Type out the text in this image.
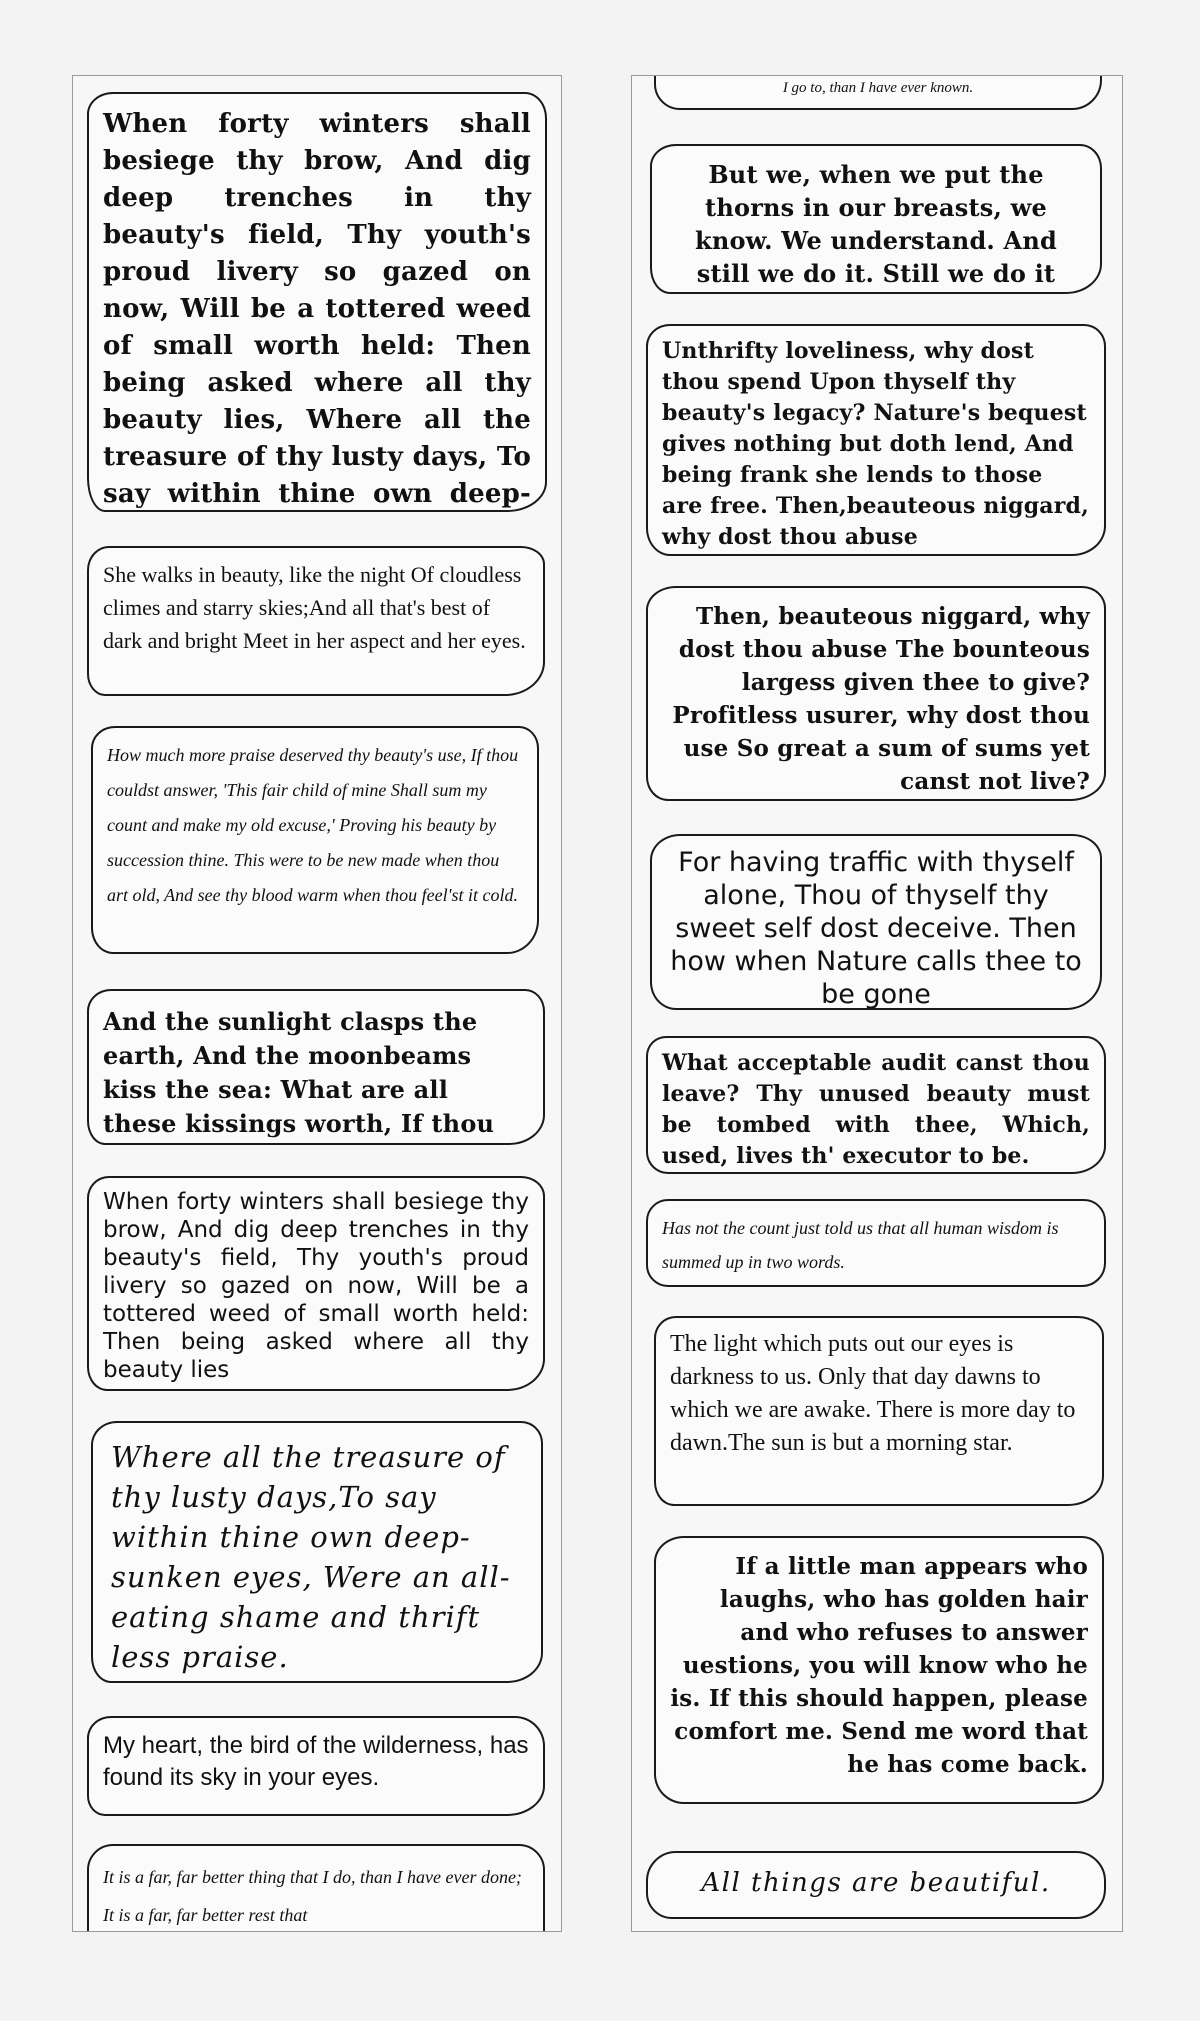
When forty winters shall besiege thy brow, And dig deep trenches in thy beauty's field, Thy youth's proud livery so gazed on now, Will be a tottered weed of small worth held: Then being asked where all thy beauty lies, Where all the treasure of thy lusty days, To say within thine own deep-

She walks in beauty, like the night Of cloudless climes and starry skies;And all that's best of dark and bright Meet in her aspect and her eyes.

How much more praise deserved thy beauty's use, If thou couldst answer, 'This fair child of mine Shall sum my count and make my old excuse,' Proving his beauty by succession thine. This were to be new made when thou art old, And see thy blood warm when thou feel'st it cold.

And the sunlight clasps the earth, And the moonbeams kiss the sea: What are all these kissings worth, If thou

When forty winters shall besiege thy brow, And dig deep trenches in thy beauty's field, Thy youth's proud livery so gazed on now, Will be a tottered weed of small worth held: Then being asked where all thy beauty lies

Where all the treasure of thy lusty days,To say within thine own deep-sunken eyes, Were an all-eating shame and thrift less praise.

My heart, the bird of the wilderness, has found its sky in your eyes.

It is a far, far better thing that I do, than I have ever done; It is a far, far better rest that

I go to, than I have ever known.

But we, when we put the thorns in our breasts, we know. We understand. And still we do it. Still we do it

Unthrifty loveliness, why dost thou spend Upon thyself thy beauty's legacy? Nature's bequest gives nothing but doth lend, And being frank she lends to those are free. Then,beauteous niggard, why dost thou abuse

Then, beauteous niggard, why dost thou abuse The bounteous largess given thee to give? Profitless usurer, why dost thou use So great a sum of sums yet canst not live?

For having traffic with thyself alone, Thou of thyself thy sweet self dost deceive. Then how when Nature calls thee to be gone

What acceptable audit canst thou leave? Thy unused beauty must be tombed with thee, Which, used, lives th' executor to be.

Has not the count just told us that all human wisdom is summed up in two words.

The light which puts out our eyes is darkness to us. Only that day dawns to which we are awake. There is more day to dawn.The sun is but a morning star.

If a little man appears who laughs, who has golden hair and who refuses to answer uestions, you will know who he is. If this should happen, please comfort me. Send me word that he has come back.

All things are beautiful.
